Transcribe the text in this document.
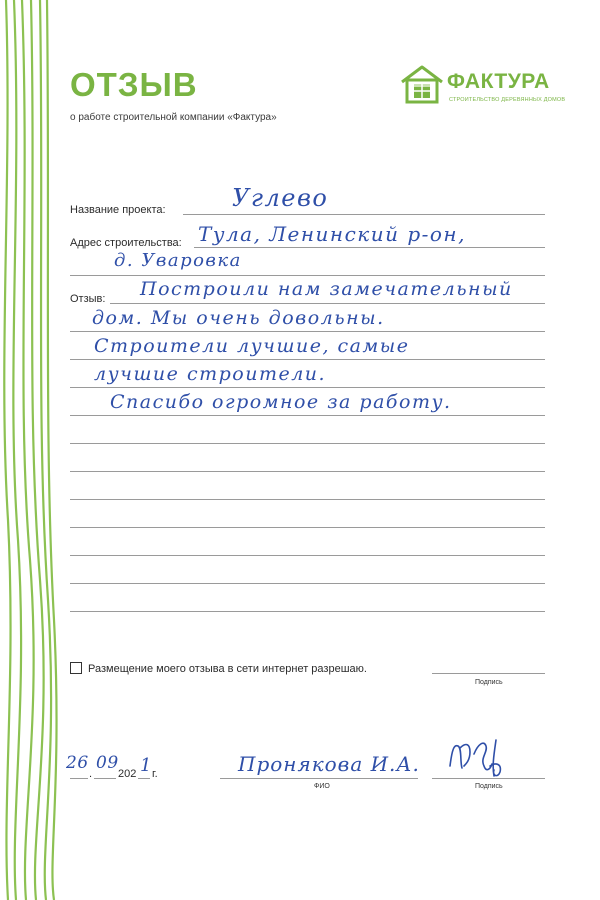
ОТЗЫВ
о работе строительной компании «Фактура»
ФАКТУРА
СТРОИТЕЛЬСТВО ДЕРЕВЯННЫХ ДОМОВ
Название проекта:	Углево
Адрес строительства: Тула, Ленинский р-он,
д. Уваровка
Отзыв: Построили нам замечательный
дом. Мы очень довольны.
Строители лучшие, самые
лучшие строители.
Спасибо огромное за работу.
Размещение моего отзыва в сети интернет разрешаю.
Подпись
26
.
09
202 1 г.	Пронякова И.А.
ФИО	Подпись
